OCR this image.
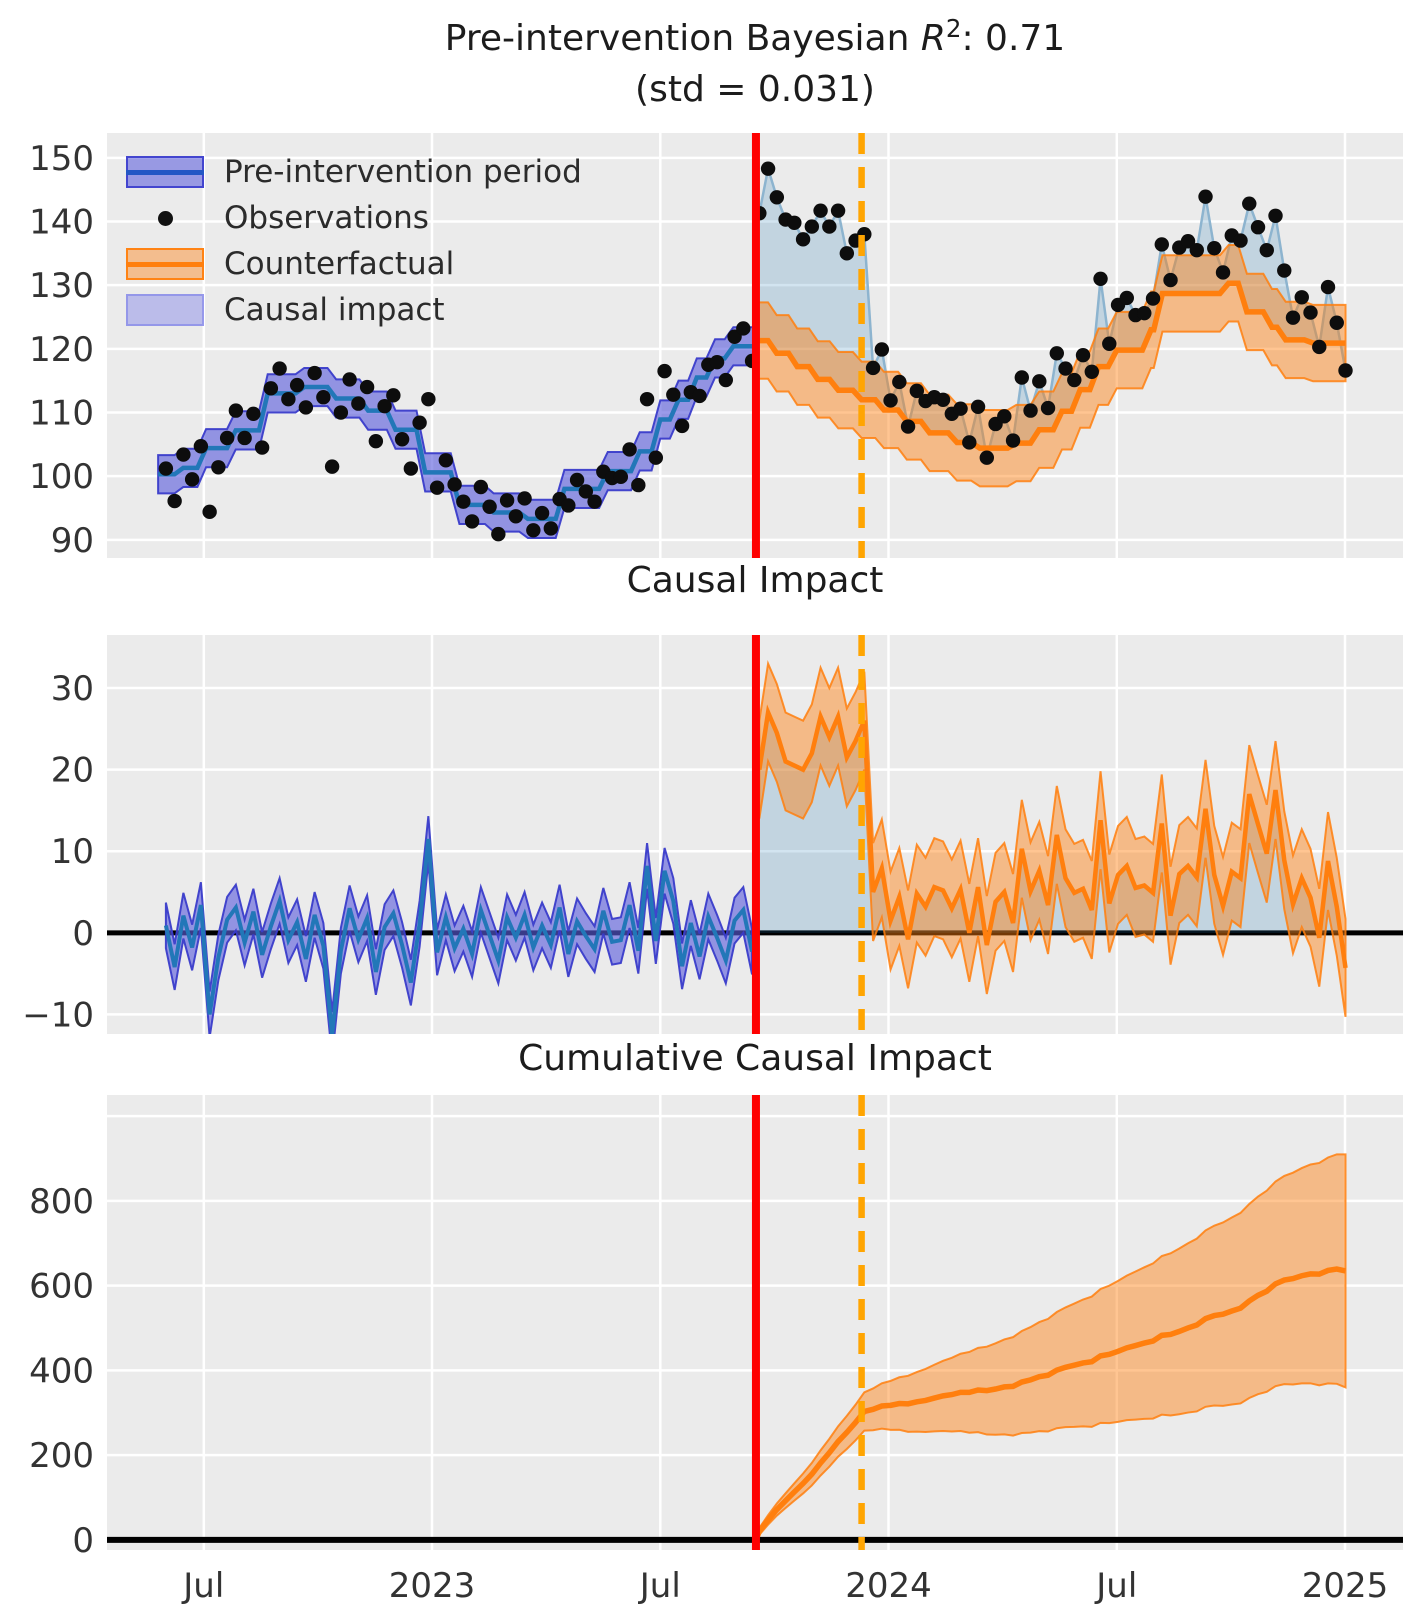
90
100
110
120
130
140
150
−10
0
10
20
30
0
200
400
600
800
Jul	2023	Jul	2024	Jul	2025
Pre-intervention Bayesian $R^2$: 0.71
(std = 0.031)
Causal Impact
Cumulative Causal Impact
Pre-intervention period
Observations
Counterfactual
Causal impact
